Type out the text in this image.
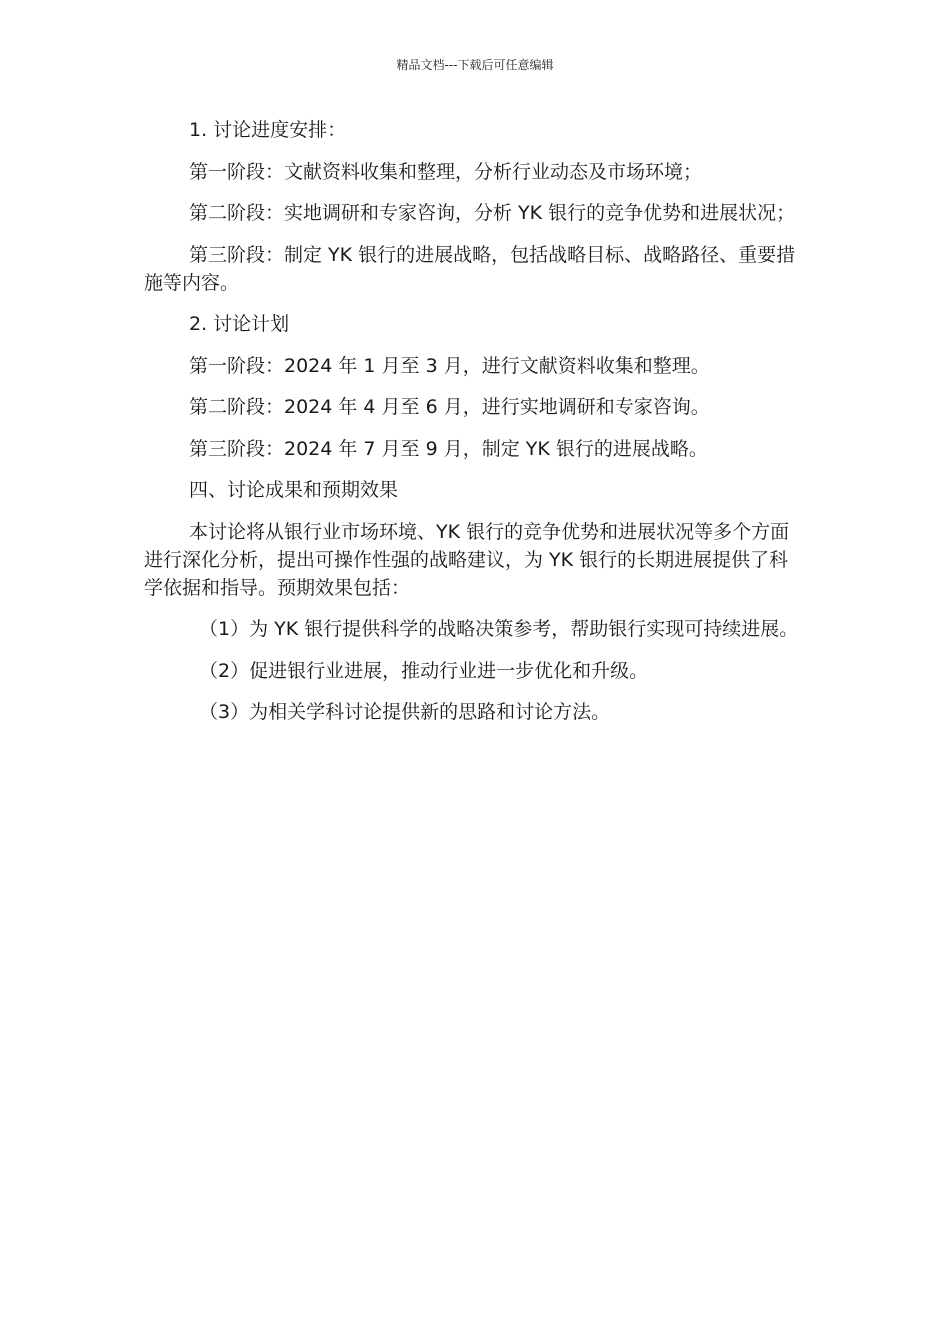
精品文档---下载后可任意编辑

1. 讨论进度安排：

第一阶段：文献资料收集和整理，分析行业动态及市场环境；

第二阶段：实地调研和专家咨询，分析 YK 银行的竞争优势和进展状况；

第三阶段：制定 YK 银行的进展战略，包括战略目标、战略路径、重要措施等内容。

2. 讨论计划

第一阶段：2024 年 1 月至 3 月，进行文献资料收集和整理。

第二阶段：2024 年 4 月至 6 月，进行实地调研和专家咨询。

第三阶段：2024 年 7 月至 9 月，制定 YK 银行的进展战略。

四、讨论成果和预期效果

本讨论将从银行业市场环境、YK 银行的竞争优势和进展状况等多个方面进行深化分析，提出可操作性强的战略建议，为 YK 银行的长期进展提供了科学依据和指导。预期效果包括：

（1）为 YK 银行提供科学的战略决策参考，帮助银行实现可持续进展。

（2）促进银行业进展，推动行业进一步优化和升级。

（3）为相关学科讨论提供新的思路和讨论方法。
